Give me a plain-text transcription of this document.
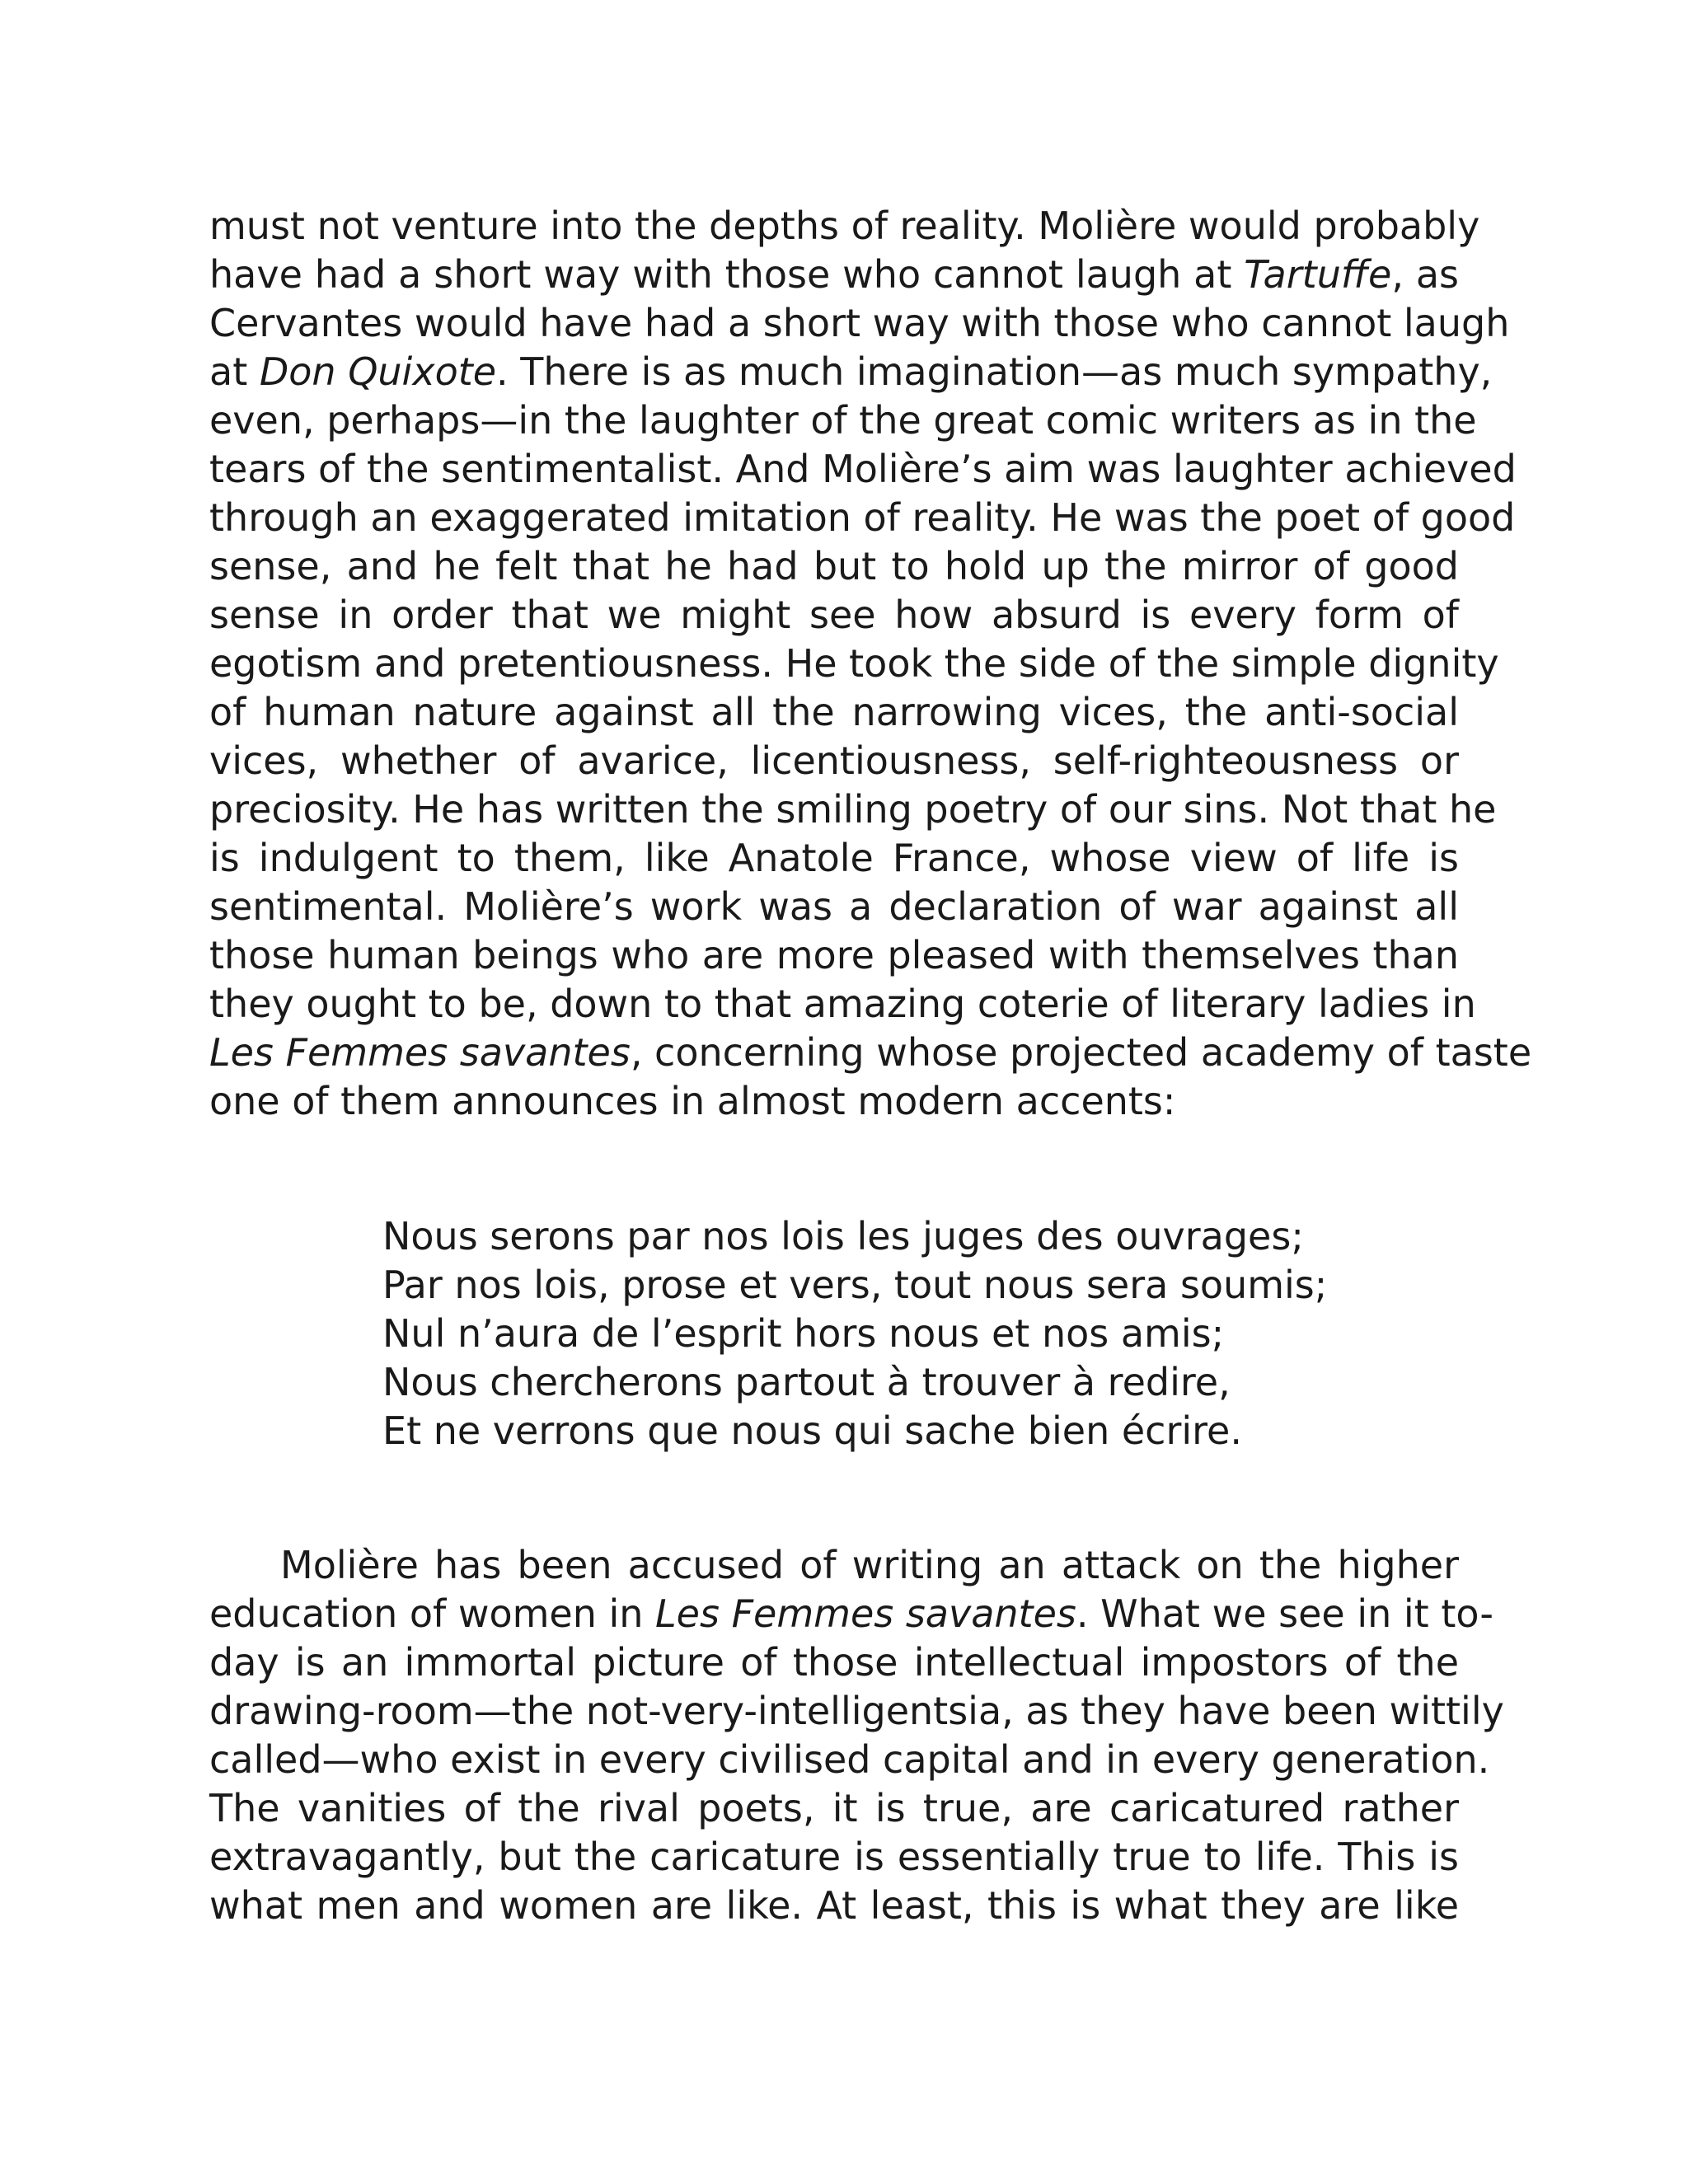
must not venture into the depths of reality. Molière would probably
have had a short way with those who cannot laugh at Tartuffe, as
Cervantes would have had a short way with those who cannot laugh
at Don Quixote. There is as much imagination—as much sympathy,
even, perhaps—in the laughter of the great comic writers as in the
tears of the sentimentalist. And Molière’s aim was laughter achieved
through an exaggerated imitation of reality. He was the poet of good
sense, and he felt that he had but to hold up the mirror of good
sense in order that we might see how absurd is every form of
egotism and pretentiousness. He took the side of the simple dignity
of human nature against all the narrowing vices, the anti-social
vices, whether of avarice, licentiousness, self-righteousness or
preciosity. He has written the smiling poetry of our sins. Not that he
is indulgent to them, like Anatole France, whose view of life is
sentimental. Molière’s work was a declaration of war against all
those human beings who are more pleased with themselves than
they ought to be, down to that amazing coterie of literary ladies in
Les Femmes savantes, concerning whose projected academy of taste
one of them announces in almost modern accents:
Nous serons par nos lois les juges des ouvrages;
Par nos lois, prose et vers, tout nous sera soumis;
Nul n’aura de l’esprit hors nous et nos amis;
Nous chercherons partout à trouver à redire,
Et ne verrons que nous qui sache bien écrire.
Molière has been accused of writing an attack on the higher
education of women in Les Femmes savantes. What we see in it to-
day is an immortal picture of those intellectual impostors of the
drawing-room—the not-very-intelligentsia, as they have been wittily
called—who exist in every civilised capital and in every generation.
The vanities of the rival poets, it is true, are caricatured rather
extravagantly, but the caricature is essentially true to life. This is
what men and women are like. At least, this is what they are like
